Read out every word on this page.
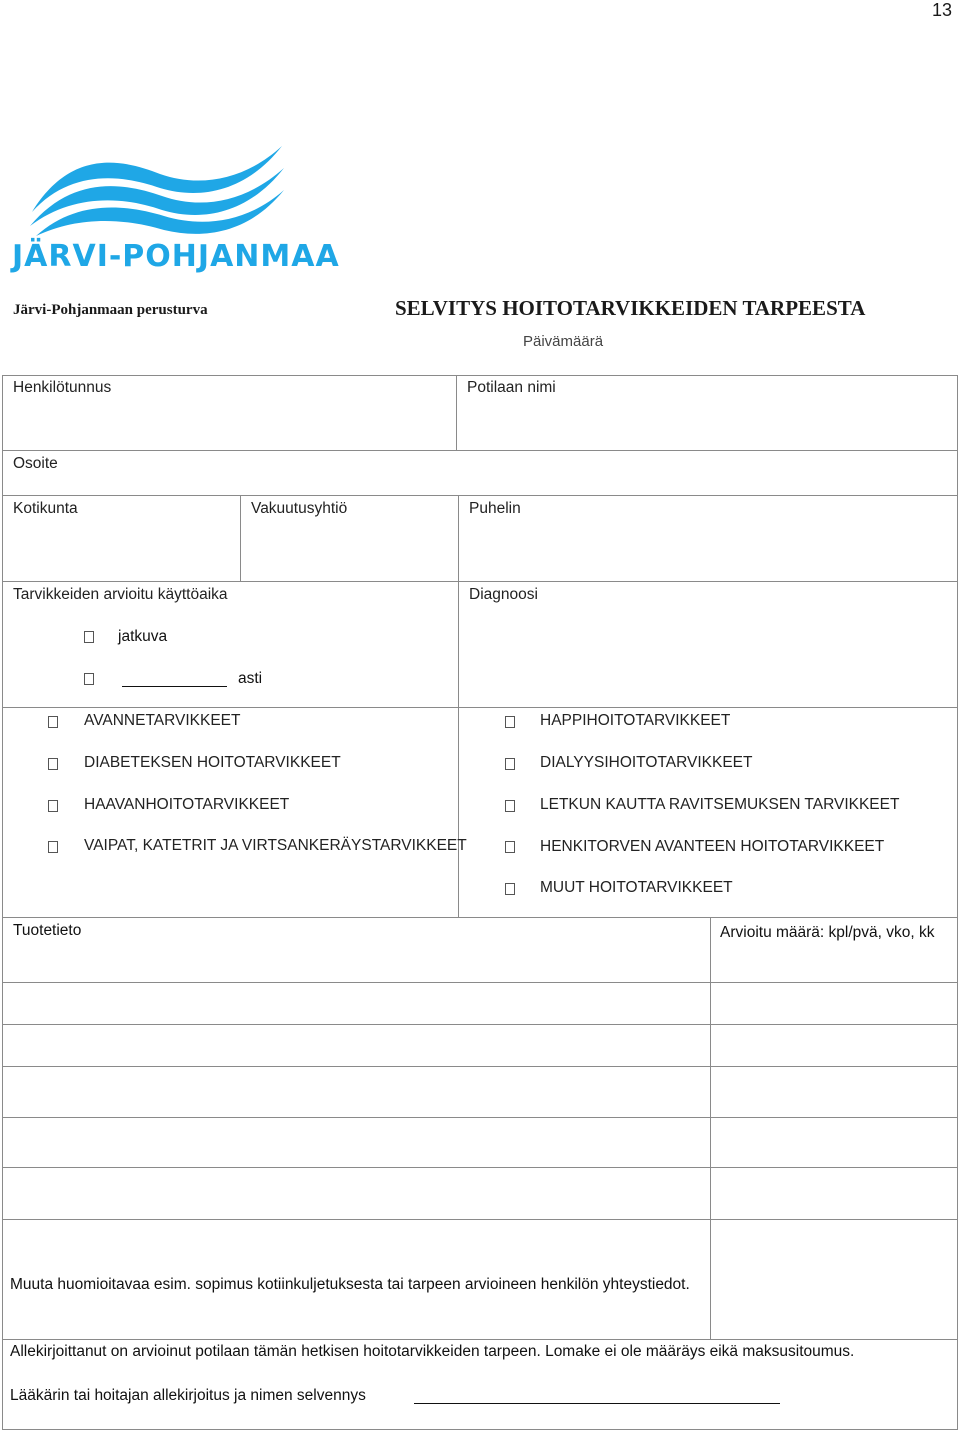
13
JÄRVI-POHJANMAA
Järvi-Pohjanmaan perusturva	SELVITYS HOITOTARVIKKEIDEN TARPEESTA
Päivämäärä
Henkilötunnus	Potilaan nimi
Osoite
Kotikunta	Vakuutusyhtiö	Puhelin
Tarvikkeiden arvioitu käyttöaika	Diagnoosi
jatkuva
asti
AVANNETARVIKKEET
DIABETEKSEN HOITOTARVIKKEET
HAAVANHOITOTARVIKKEET
VAIPAT, KATETRIT JA VIRTSANKERÄYSTARVIKKEET
HAPPIHOITOTARVIKKEET
DIALYYSIHOITOTARVIKKEET
LETKUN KAUTTA RAVITSEMUKSEN TARVIKKEET
HENKITORVEN AVANTEEN HOITOTARVIKKEET
MUUT HOITOTARVIKKEET
Tuotetieto	Arvioitu määrä: kpl/pvä, vko, kk
Muuta huomioitavaa esim. sopimus kotiinkuljetuksesta tai tarpeen arvioineen henkilön yhteystiedot.
Allekirjoittanut on arvioinut potilaan tämän hetkisen hoitotarvikkeiden tarpeen. Lomake ei ole määräys eikä maksusitoumus.
Lääkärin tai hoitajan allekirjoitus ja nimen selvennys
